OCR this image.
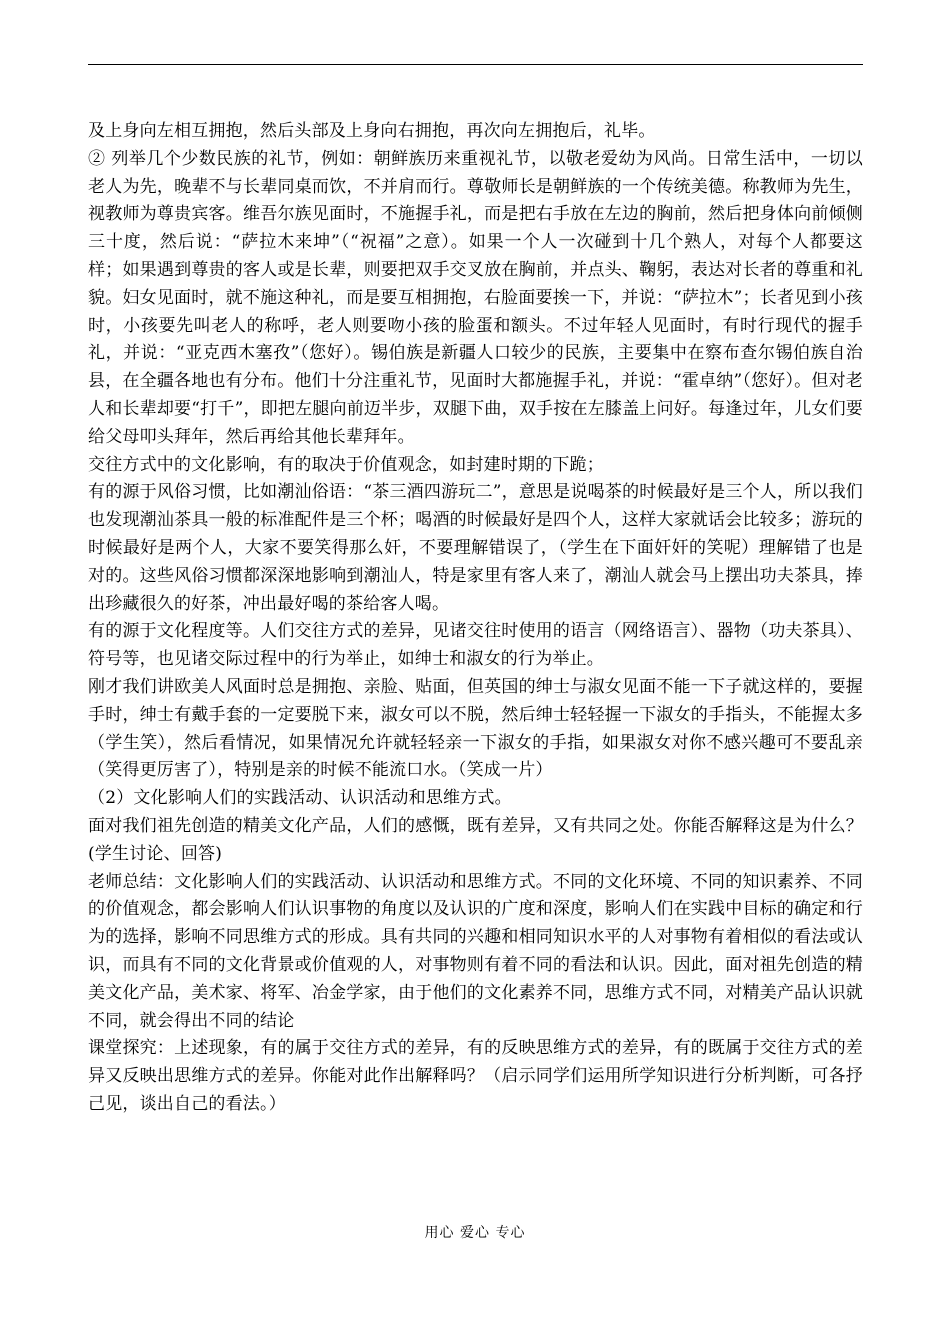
及上身向左相互拥抱，然后头部及上身向右拥抱，再次向左拥抱后，礼毕。

② 列举几个少数民族的礼节，例如：朝鲜族历来重视礼节，以敬老爱幼为风尚。日常生活中，一切以老人为先，晚辈不与长辈同桌而饮，不并肩而行。尊敬师长是朝鲜族的一个传统美德。称教师为先生，视教师为尊贵宾客。维吾尔族见面时，不施握手礼，而是把右手放在左边的胸前，然后把身体向前倾侧三十度，然后说：“萨拉木来坤”（“祝福”之意）。如果一个人一次碰到十几个熟人，对每个人都要这样；如果遇到尊贵的客人或是长辈，则要把双手交叉放在胸前，并点头、鞠躬，表达对长者的尊重和礼貌。妇女见面时，就不施这种礼，而是要互相拥抱，右脸面要挨一下，并说：“萨拉木”；长者见到小孩时，小孩要先叫老人的称呼，老人则要吻小孩的脸蛋和额头。不过年轻人见面时，有时行现代的握手礼，并说：“亚克西木塞孜”（您好）。锡伯族是新疆人口较少的民族，主要集中在察布查尔锡伯族自治县，在全疆各地也有分布。他们十分注重礼节，见面时大都施握手礼，并说：“霍卓纳”（您好）。但对老人和长辈却要“打千”，即把左腿向前迈半步，双腿下曲，双手按在左膝盖上问好。每逢过年，儿女们要给父母叩头拜年，然后再给其他长辈拜年。

交往方式中的文化影响，有的取决于价值观念，如封建时期的下跪；

有的源于风俗习惯，比如潮汕俗语：“茶三酒四游玩二”，意思是说喝茶的时候最好是三个人，所以我们也发现潮汕茶具一般的标准配件是三个杯；喝酒的时候最好是四个人，这样大家就话会比较多；游玩的时候最好是两个人，大家不要笑得那么奸，不要理解错误了，（学生在下面奸奸的笑呢）理解错了也是对的。这些风俗习惯都深深地影响到潮汕人，特是家里有客人来了，潮汕人就会马上摆出功夫茶具，捧出珍藏很久的好茶，冲出最好喝的茶给客人喝。

有的源于文化程度等。人们交往方式的差异，见诸交往时使用的语言（网络语言）、器物（功夫茶具）、符号等，也见诸交际过程中的行为举止，如绅士和淑女的行为举止。

刚才我们讲欧美人风面时总是拥抱、亲脸、贴面，但英国的绅士与淑女见面不能一下子就这样的，要握手时，绅士有戴手套的一定要脱下来，淑女可以不脱，然后绅士轻轻握一下淑女的手指头，不能握太多（学生笑），然后看情况，如果情况允许就轻轻亲一下淑女的手指，如果淑女对你不感兴趣可不要乱亲（笑得更厉害了），特别是亲的时候不能流口水。（笑成一片）

（2）文化影响人们的实践活动、认识活动和思维方式。

面对我们祖先创造的精美文化产品，人们的感慨，既有差异，又有共同之处。你能否解释这是为什么？(学生讨论、回答)

老师总结：文化影响人们的实践活动、认识活动和思维方式。不同的文化环境、不同的知识素养、不同的价值观念，都会影响人们认识事物的角度以及认识的广度和深度，影响人们在实践中目标的确定和行为的选择，影响不同思维方式的形成。具有共同的兴趣和相同知识水平的人对事物有着相似的看法或认识，而具有不同的文化背景或价值观的人，对事物则有着不同的看法和认识。因此，面对祖先创造的精美文化产品，美术家、将军、冶金学家，由于他们的文化素养不同，思维方式不同，对精美产品认识就不同，就会得出不同的结论

课堂探究：上述现象，有的属于交往方式的差异，有的反映思维方式的差异，有的既属于交往方式的差异又反映出思维方式的差异。你能对此作出解释吗？（启示同学们运用所学知识进行分析判断，可各抒己见，谈出自己的看法。）

用心 爱心 专心
